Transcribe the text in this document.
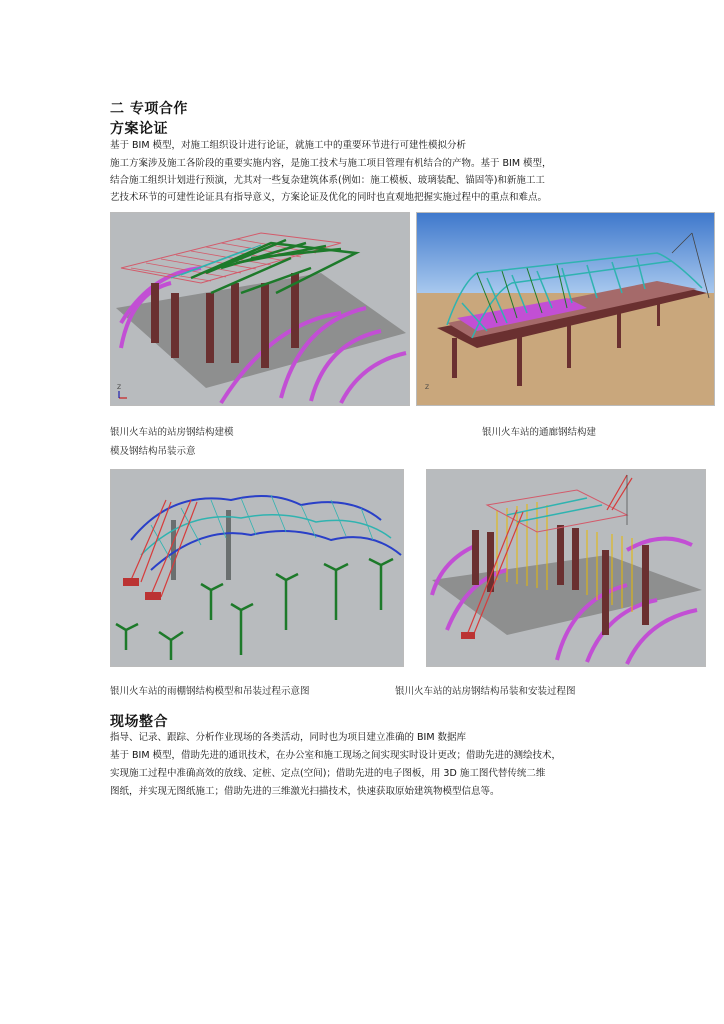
二 专项合作
方案论证
基于 BIM 模型，对施工组织设计进行论证，就施工中的重要环节进行可建性模拟分析
施工方案涉及施工各阶段的重要实施内容，是施工技术与施工项目管理有机结合的产物。基于 BIM 模型，
结合施工组织计划进行预演，尤其对一些复杂建筑体系(例如：施工模板、玻璃装配、锚固等)和新施工工
艺技术环节的可建性论证具有指导意义，方案论证及优化的同时也直观地把握实施过程中的重点和难点。
Z	Z
银川火车站的站房钢结构建模	银川火车站的通廊钢结构建
模及钢结构吊装示意
银川火车站的雨棚钢结构模型和吊装过程示意图	银川火车站的站房钢结构吊装和安装过程图
现场整合
指导、记录、跟踪、分析作业现场的各类活动，同时也为项目建立准确的 BIM 数据库
基于 BIM 模型，借助先进的通讯技术，在办公室和施工现场之间实现实时设计更改；借助先进的测绘技术，
实现施工过程中准确高效的放线、定桩、定点(空间)；借助先进的电子图板，用 3D 施工图代替传统二维
图纸，并实现无图纸施工；借助先进的三维激光扫描技术，快速获取原始建筑物模型信息等。
